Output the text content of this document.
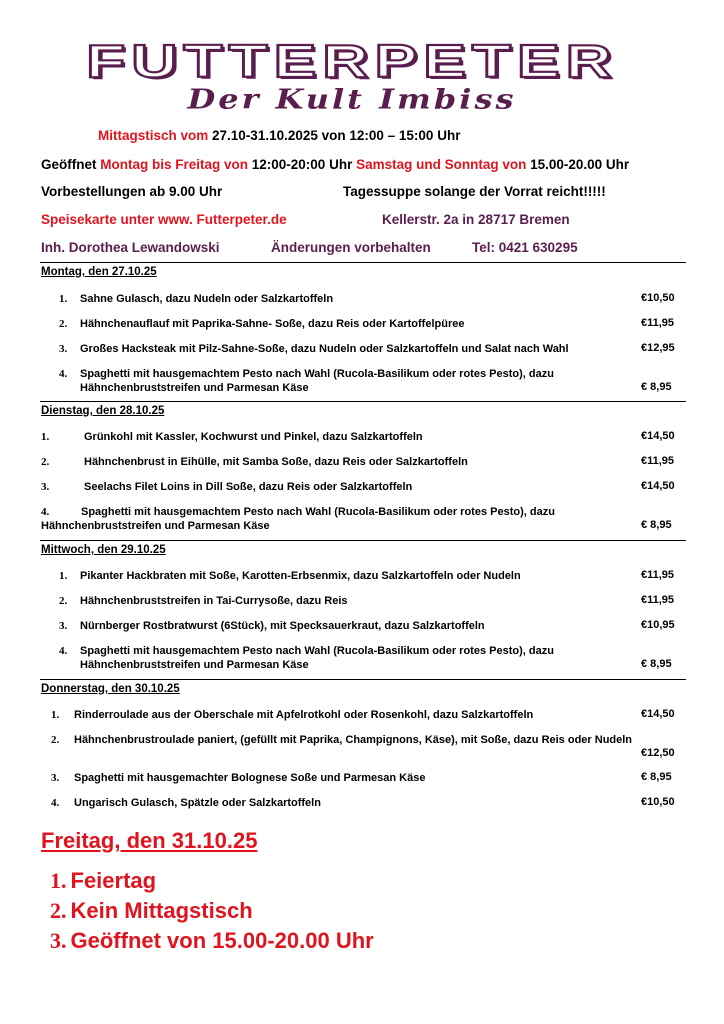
FUTTERPETER
Der Kult Imbiss
Mittagstisch vom 27.10-31.10.2025 von 12:00 – 15:00 Uhr
Geöffnet Montag bis Freitag von 12:00-20:00 Uhr Samstag und Sonntag von 15.00-20.00 Uhr
Vorbestellungen ab 9.00 Uhr	Tagessuppe solange der Vorrat reicht!!!!!
Speisekarte unter www. Futterpeter.de	Kellerstr. 2a in 28717 Bremen
Inh. Dorothea Lewandowski	Änderungen vorbehalten	Tel: 0421 630295
Montag, den 27.10.25
1. Sahne Gulasch, dazu Nudeln oder Salzkartoffeln	€10,50
2. Hähnchenauflauf mit Paprika-Sahne- Soße, dazu Reis oder Kartoffelpüree	€11,95
3. Großes Hacksteak mit Pilz-Sahne-Soße, dazu Nudeln oder Salzkartoffeln und Salat nach Wahl	€12,95
4. Spaghetti mit hausgemachtem Pesto nach Wahl (Rucola-Basilikum oder rotes Pesto), dazu Hähnchenbruststreifen und Parmesan Käse	€ 8,95
Dienstag, den 28.10.25
1.	Grünkohl mit Kassler, Kochwurst und Pinkel, dazu Salzkartoffeln	€14,50
2.	Hähnchenbrust in Eihülle, mit Samba Soße, dazu Reis oder Salzkartoffeln	€11,95
3.	Seelachs Filet Loins in Dill Soße, dazu Reis oder Salzkartoffeln	€14,50
4.	Spaghetti mit hausgemachtem Pesto nach Wahl (Rucola-Basilikum oder rotes Pesto), dazu Hähnchenbruststreifen und Parmesan Käse	€ 8,95
Mittwoch, den 29.10.25
1. Pikanter Hackbraten mit Soße, Karotten-Erbsenmix, dazu Salzkartoffeln oder Nudeln	€11,95
2. Hähnchenbruststreifen in Tai-Currysoße, dazu Reis	€11,95
3. Nürnberger Rostbratwurst (6Stück), mit Specksauerkraut, dazu Salzkartoffeln	€10,95
4. Spaghetti mit hausgemachtem Pesto nach Wahl (Rucola-Basilikum oder rotes Pesto), dazu Hähnchenbruststreifen und Parmesan Käse	€ 8,95
Donnerstag, den 30.10.25
1. Rinderroulade aus der Oberschale mit Apfelrotkohl oder Rosenkohl, dazu Salzkartoffeln	€14,50
2. Hähnchenbrustroulade paniert, (gefüllt mit Paprika, Champignons, Käse), mit Soße, dazu Reis oder Nudeln
€12,50
3. Spaghetti mit hausgemachter Bolognese Soße und Parmesan Käse	€ 8,95
4. Ungarisch Gulasch, Spätzle oder Salzkartoffeln	€10,50
Freitag, den 31.10.25
1. Feiertag
2. Kein Mittagstisch
3. Geöffnet von 15.00-20.00 Uhr
